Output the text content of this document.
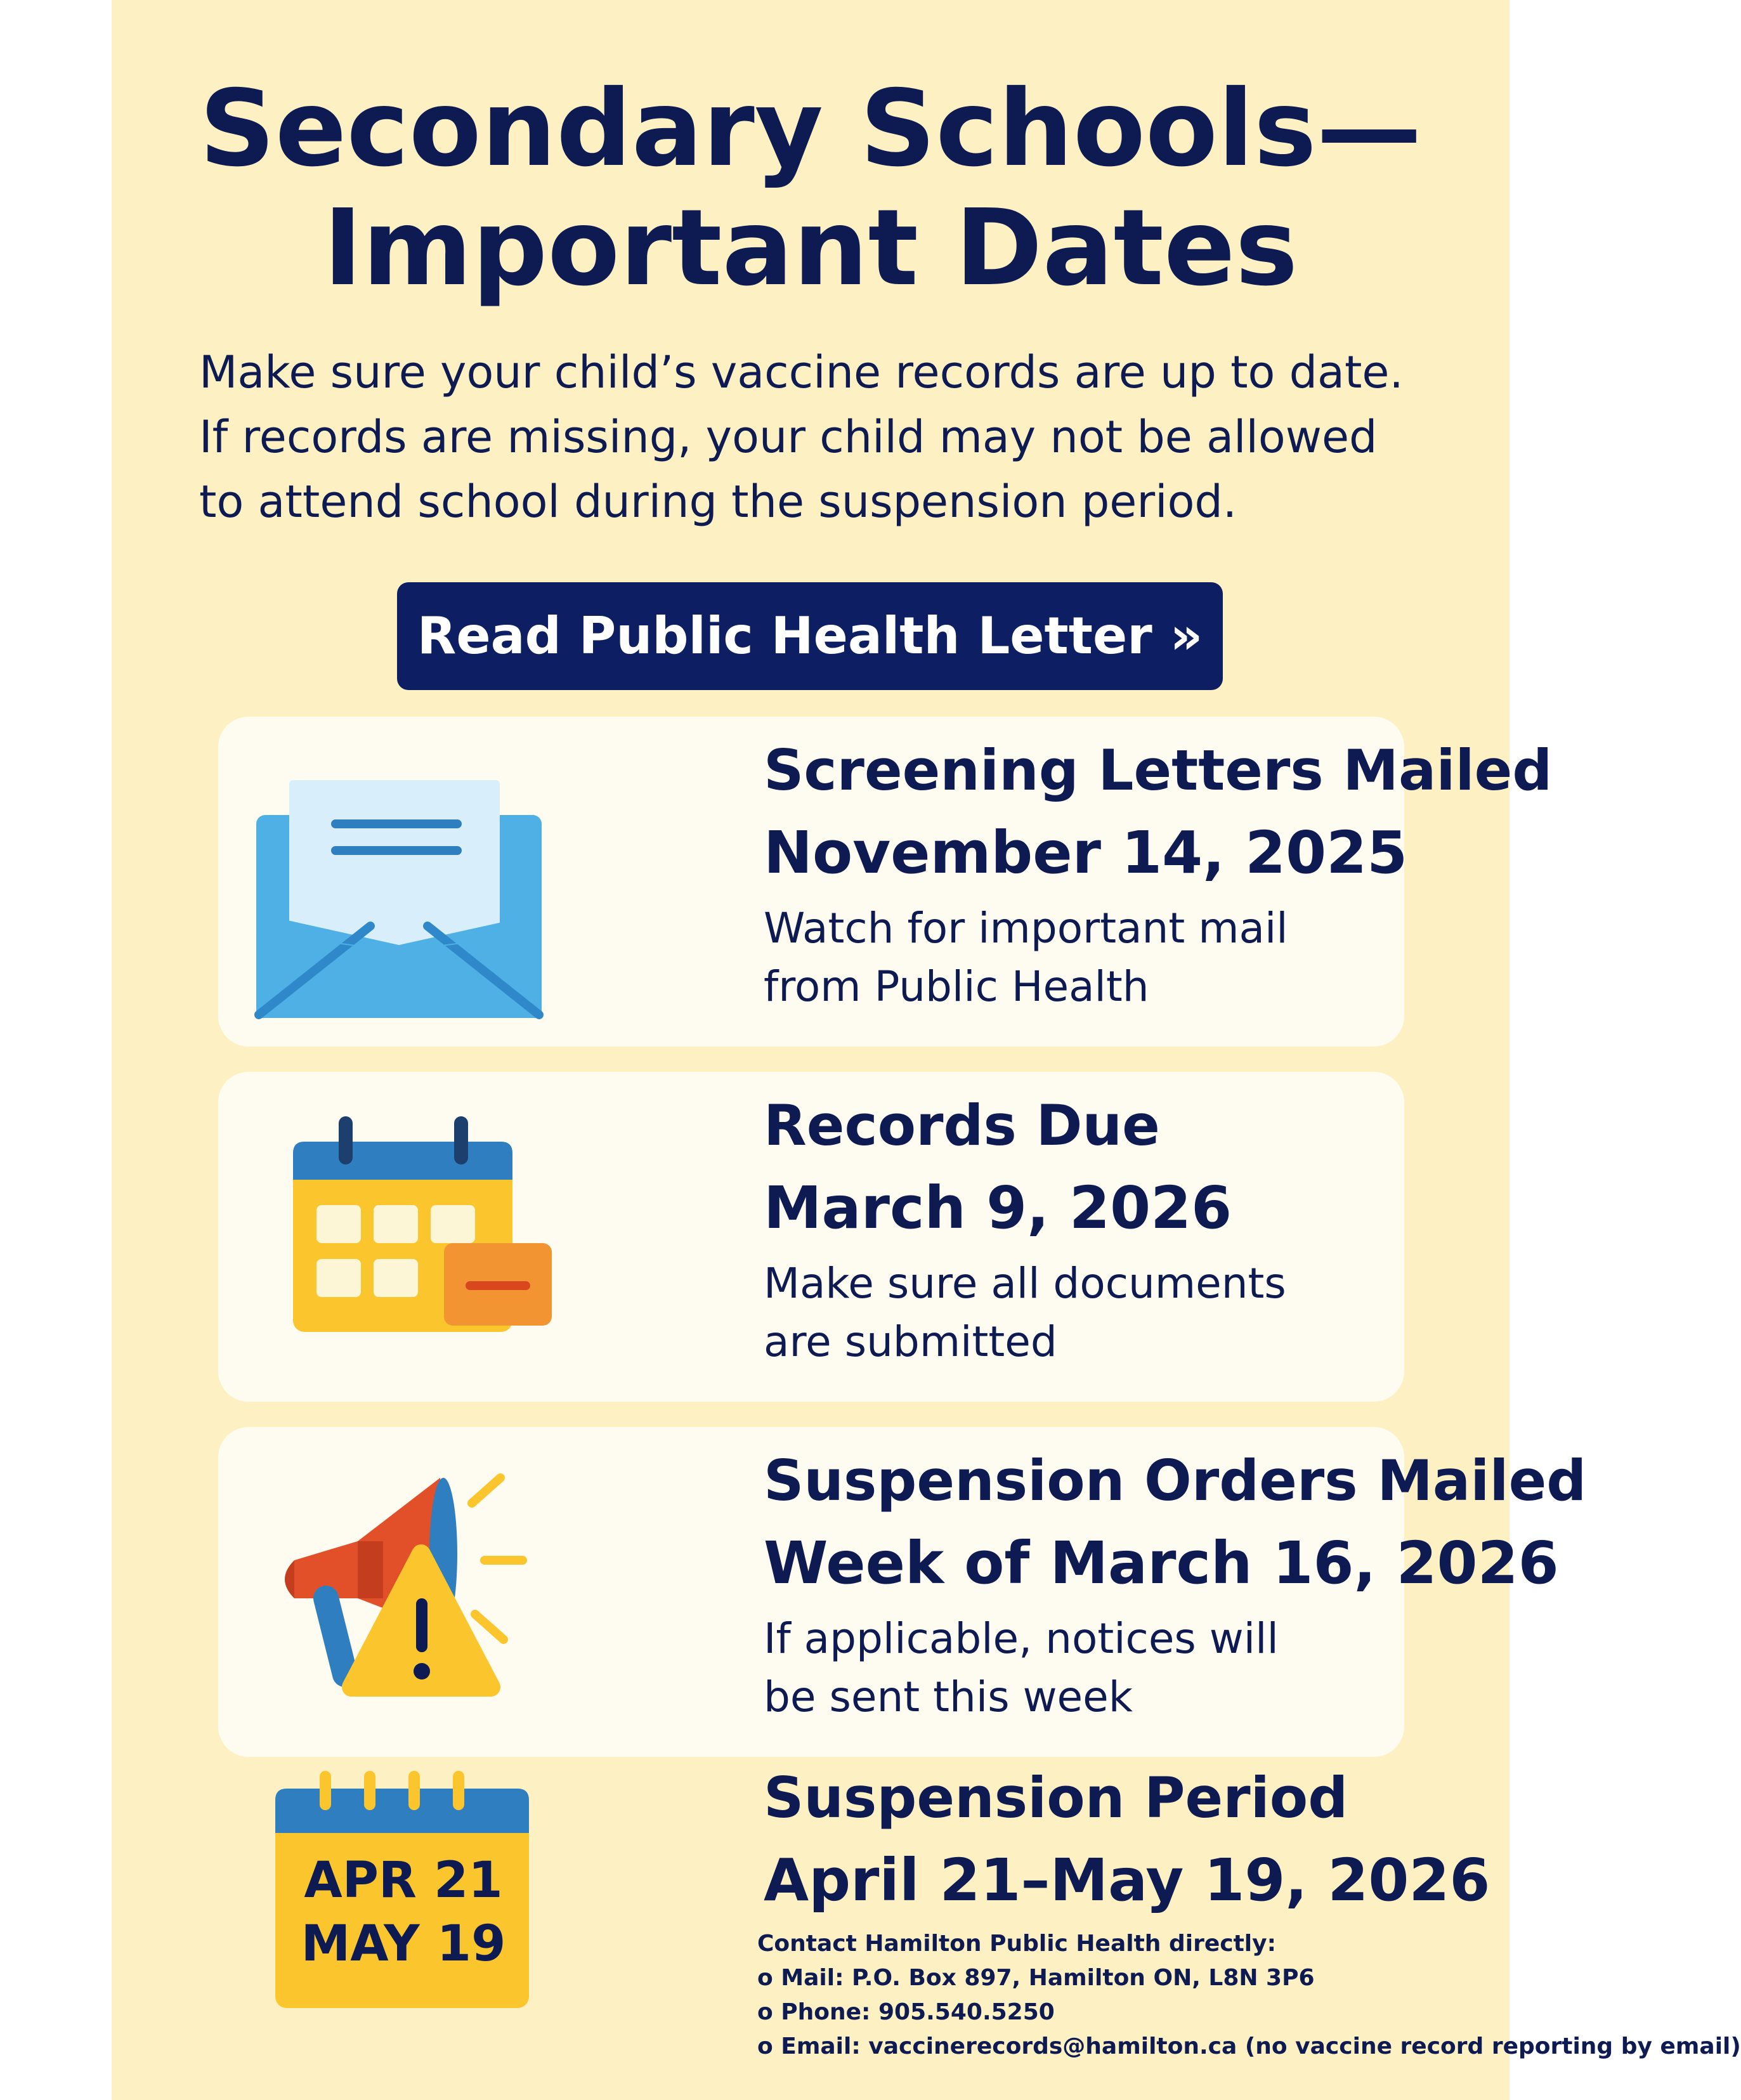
Secondary Schools—
Important Dates

Make sure your child’s vaccine records are up to date.
If records are missing, your child may not be allowed
to attend school during the suspension period.

Read Public Health Letter »
Screening Letters Mailed
November 14, 2025
Watch for important mail
from Public Health
Records Due
March 9, 2026
Make sure all documents
are submitted
Suspension Orders Mailed
Week of March 16, 2026
If applicable, notices will
be sent this week
APR 21
MAY 19
Suspension Period
April 21–May 19, 2026
Contact Hamilton Public Health directly:
o Mail: P.O. Box 897, Hamilton ON, L8N 3P6
o Phone: 905.540.5250
o Email: vaccinerecords@hamilton.ca (no vaccine record reporting by email)
